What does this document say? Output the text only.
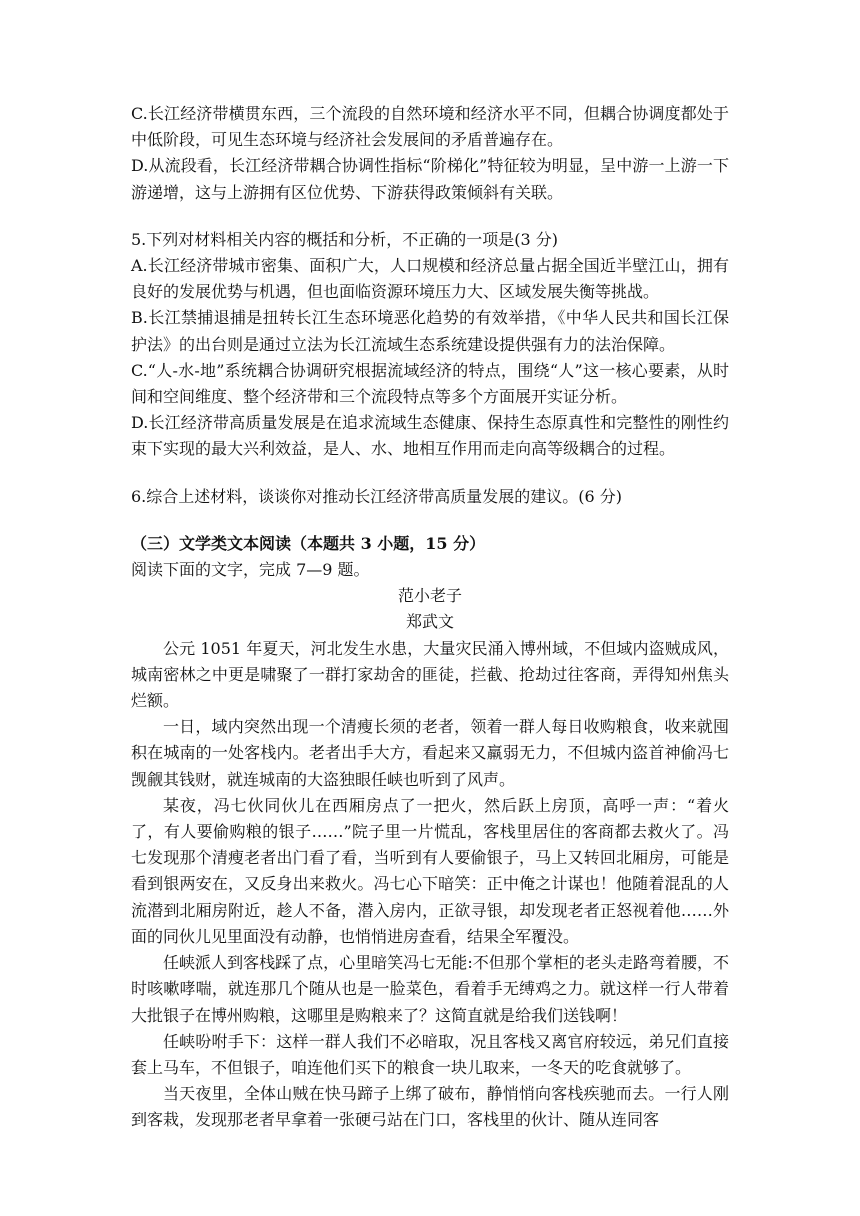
C.长江经济带横贯东西，三个流段的自然环境和经济水平不同，但耦合协调度都处于中低阶段，可见生态环境与经济社会发展间的矛盾普遍存在。

D.从流段看，长江经济带耦合协调性指标“阶梯化”特征较为明显，呈中游一上游一下游递增，这与上游拥有区位优势、下游获得政策倾斜有关联。

5.下列对材料相关内容的概括和分析，不正确的一项是(3 分)

A.长江经济带城市密集、面积广大，人口规模和经济总量占据全国近半壁江山，拥有良好的发展优势与机遇，但也面临资源环境压力大、区域发展失衡等挑战。

B.长江禁捕退捕是扭转长江生态环境恶化趋势的有效举措，《中华人民共和国长江保护法》的出台则是通过立法为长江流域生态系统建设提供强有力的法治保障。

C.“人-水-地”系统耦合协调研究根据流域经济的特点，围绕“人”这一核心要素，从时间和空间维度、整个经济带和三个流段特点等多个方面展开实证分析。

D.长江经济带高质量发展是在追求流域生态健康、保持生态原真性和完整性的刚性约束下实现的最大兴利效益，是人、水、地相互作用而走向高等级耦合的过程。

6.综合上述材料，谈谈你对推动长江经济带高质量发展的建议。(6 分)

（三）文学类文本阅读（本题共 3 小题，15 分）

阅读下面的文字，完成 7—9 题。

范小老子

郑武文

公元 1051 年夏天，河北发生水患，大量灾民涌入博州域，不但域内盗贼成风，城南密林之中更是啸聚了一群打家劫舍的匪徒，拦截、抢劫过往客商，弄得知州焦头烂额。

一日，域内突然出现一个清瘦长须的老者，领着一群人每日收购粮食，收来就囤积在城南的一处客栈内。老者出手大方，看起来又羸弱无力，不但城内盗首神偷冯七觊觎其钱财，就连城南的大盗独眼任峡也听到了风声。

某夜，冯七伙同伙儿在西厢房点了一把火，然后跃上房顶，高呼一声：“着火了，有人要偷购粮的银子……”院子里一片慌乱，客栈里居住的客商都去救火了。冯七发现那个清瘦老者出门看了看，当听到有人要偷银子，马上又转回北厢房，可能是看到银两安在，又反身出来救火。冯七心下暗笑：正中俺之计谋也！他随着混乱的人流潜到北厢房附近，趁人不备，潜入房内，正欲寻银，却发现老者正怒视着他……外面的同伙儿见里面没有动静，也悄悄进房查看，结果全军覆没。

任峡派人到客栈踩了点，心里暗笑冯七无能:不但那个掌柜的老头走路弯着腰，不时咳嗽哮喘，就连那几个随从也是一脸菜色，看着手无缚鸡之力。就这样一行人带着大批银子在博州购粮，这哪里是购粮来了？这简直就是给我们送钱啊！

任峡吩咐手下：这样一群人我们不必暗取，况且客栈又离官府较远，弟兄们直接套上马车，不但银子，咱连他们买下的粮食一块儿取来，一冬天的吃食就够了。

当天夜里，全体山贼在快马蹄子上绑了破布，静悄悄向客栈疾驰而去。一行人刚到客栽，发现那老者早拿着一张硬弓站在门口，客栈里的伙计、随从连同客
